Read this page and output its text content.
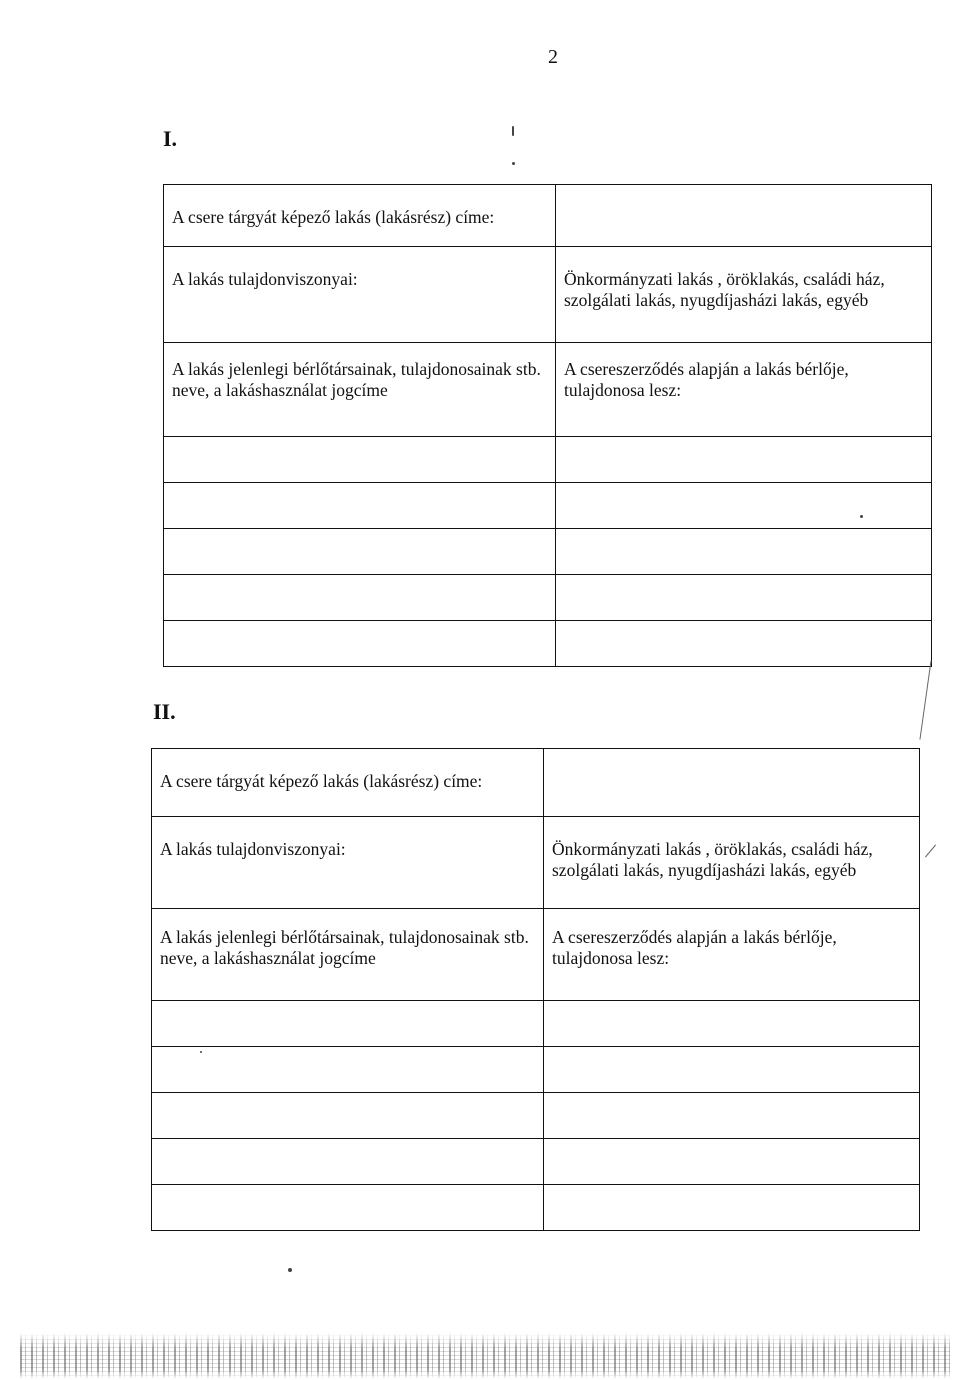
2
I.
A csere tárgyát képező lakás (lakásrész) címe:	

A lakás tulajdonviszonyai:	Önkormányzati lakás , öröklakás, családi ház, szolgálati lakás, nyugdíjasházi lakás, egyéb

A lakás jelenlegi bérlőtársainak, tulajdonosainak stb. neve, a lakáshasználat jogcíme	A csereszerződés alapján a lakás bérlője, tulajdonosa lesz:

II.
A csere tárgyát képező lakás (lakásrész) címe:	

A lakás tulajdonviszonyai:	Önkormányzati lakás , öröklakás, családi ház, szolgálati lakás, nyugdíjasházi lakás, egyéb

A lakás jelenlegi bérlőtársainak, tulajdonosainak stb. neve, a lakáshasználat jogcíme	A csereszerződés alapján a lakás bérlője, tulajdonosa lesz:
